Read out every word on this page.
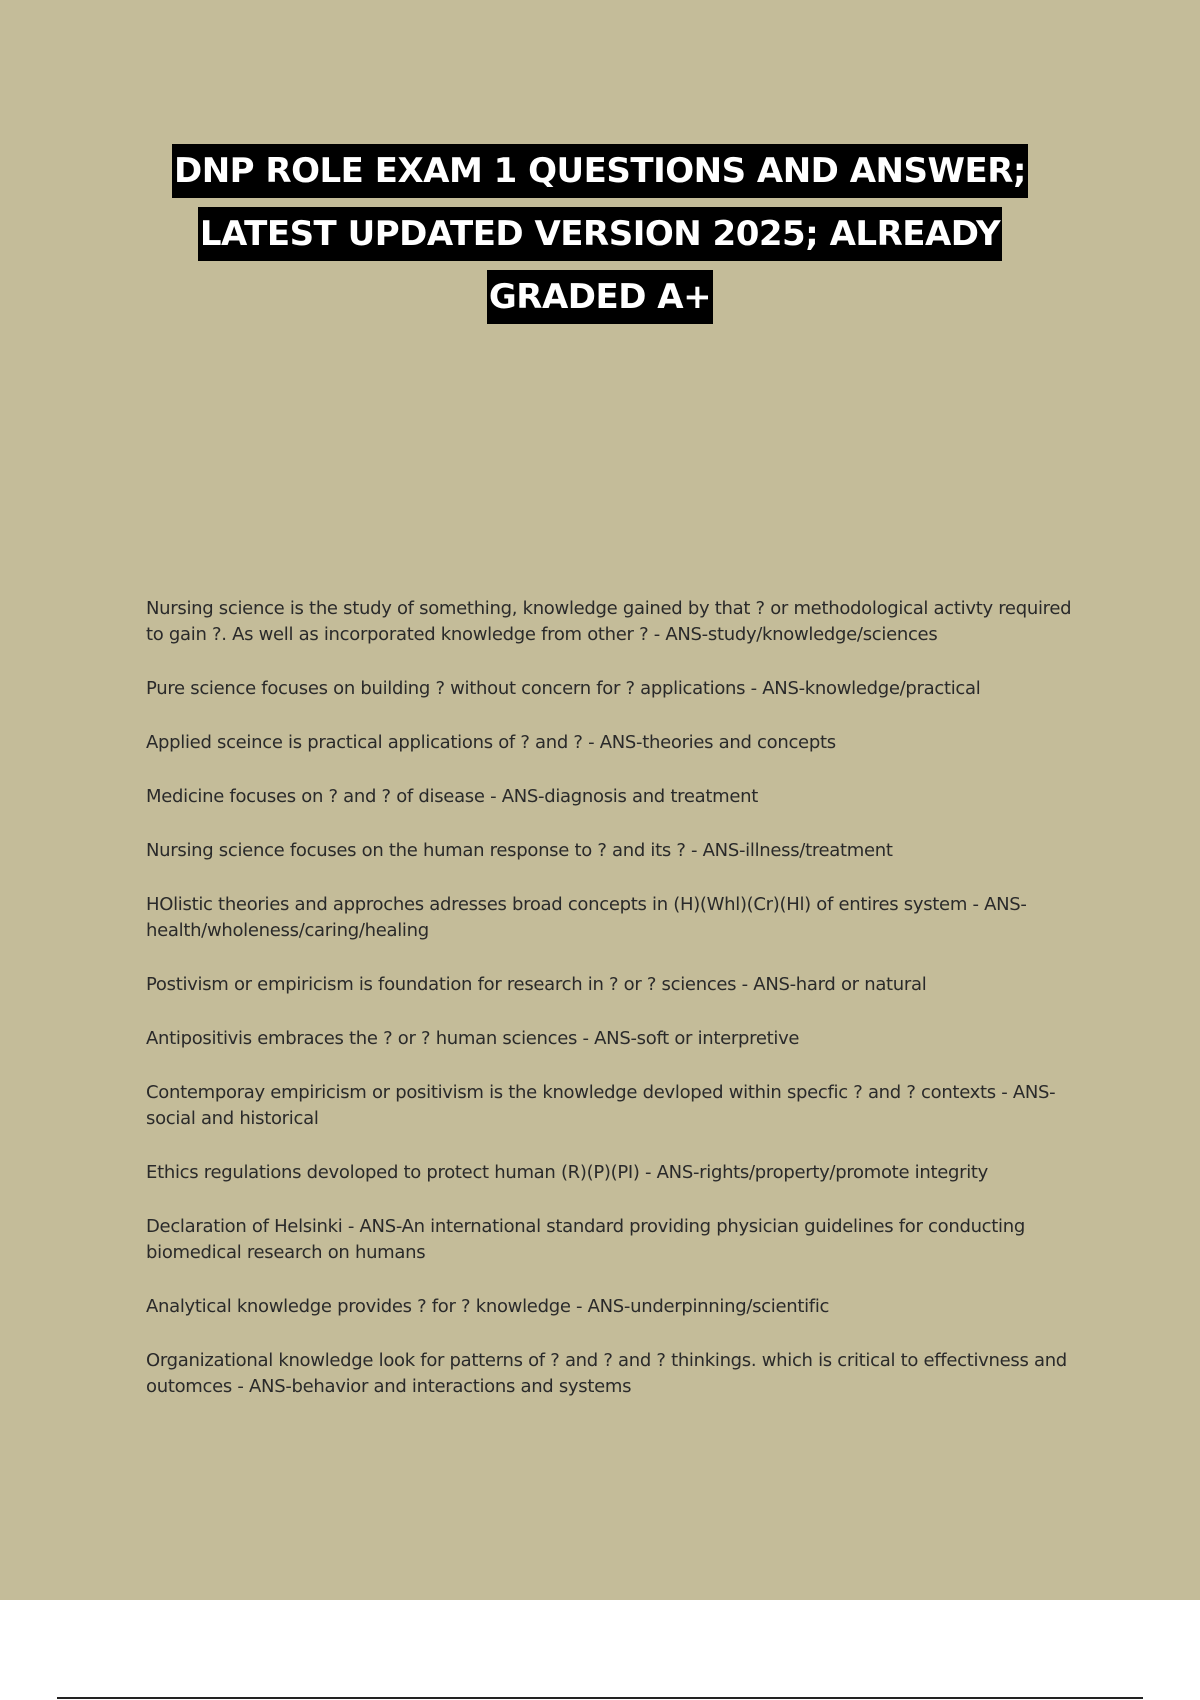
DNP ROLE EXAM 1 QUESTIONS AND ANSWER;
LATEST UPDATED VERSION 2025; ALREADY
GRADED A+

Nursing science is the study of something, knowledge gained by that ? or methodological activty required to gain ?. As well as incorporated knowledge from other ? - ANS-study/knowledge/sciences

Pure science focuses on building ? without concern for ? applications - ANS-knowledge/practical

Applied sceince is practical applications of ? and ? - ANS-theories and concepts

Medicine focuses on ? and ? of disease - ANS-diagnosis and treatment

Nursing science focuses on the human response to ? and its ? - ANS-illness/treatment

HOlistic theories and approches adresses broad concepts in (H)(Whl)(Cr)(Hl) of entires system - ANS-health/wholeness/caring/healing

Postivism or empiricism is foundation for research in ? or ? sciences - ANS-hard or natural

Antipositivis embraces the ? or ? human sciences - ANS-soft or interpretive

Contemporay empiricism or positivism is the knowledge devloped within specfic ? and ? contexts - ANS-social and historical

Ethics regulations devoloped to protect human (R)(P)(PI) - ANS-rights/property/promote integrity

Declaration of Helsinki - ANS-An international standard providing physician guidelines for conducting biomedical research on humans

Analytical knowledge provides ? for ? knowledge - ANS-underpinning/scientific

Organizational knowledge look for patterns of ? and ? and ? thinkings. which is critical to effectivness and outomces - ANS-behavior and interactions and systems
